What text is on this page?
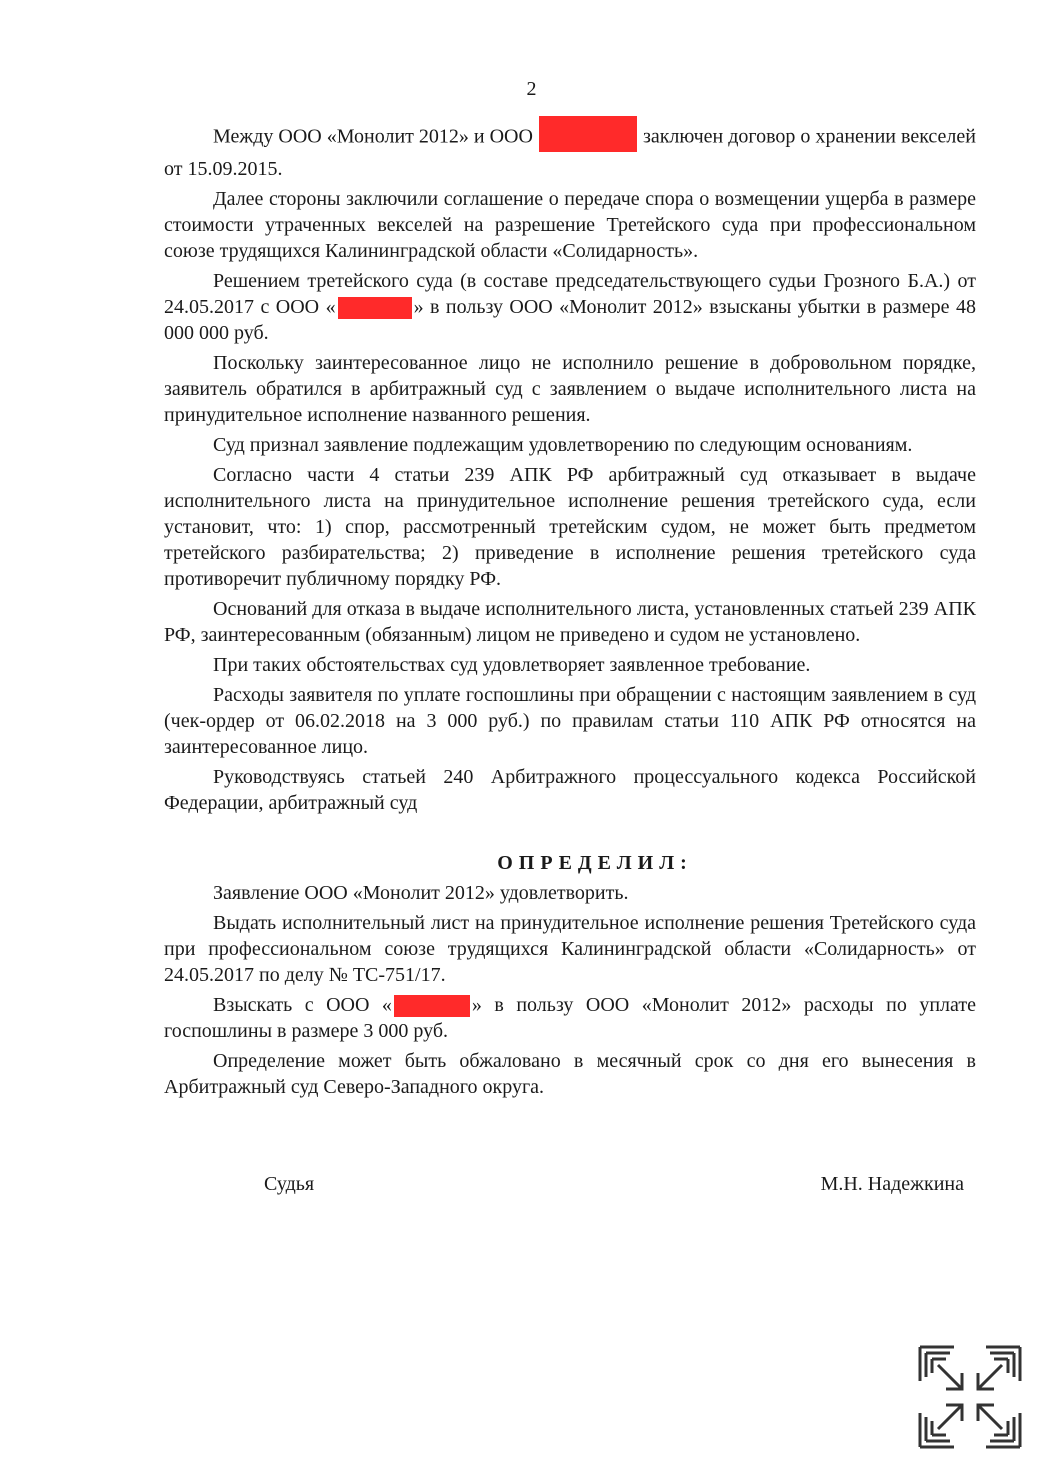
2

Между ООО «Монолит 2012» и ООО	заключен договор о хранении векселей от 15.09.2015.

Далее стороны заключили соглашение о передаче спора о возмещении ущерба в размере стоимости утраченных векселей на разрешение Третейского суда при профессиональном союзе трудящихся Калининградской области «Солидарность».

Решением третейского суда (в составе председательствующего судьи Грозного Б.А.) от 24.05.2017 с ООО «	» в пользу ООО «Монолит 2012» взысканы убытки в размере 48 000 000 руб.

Поскольку заинтересованное лицо не исполнило решение в добровольном порядке, заявитель обратился в арбитражный суд с заявлением о выдаче исполнительного листа на принудительное исполнение названного решения.

Суд признал заявление подлежащим удовлетворению по следующим основаниям.

Согласно части 4 статьи 239 АПК РФ арбитражный суд отказывает в выдаче исполнительного листа на принудительное исполнение решения третейского суда, если установит, что: 1) спор, рассмотренный третейским судом, не может быть предметом третейского разбирательства; 2) приведение в исполнение решения третейского суда противоречит публичному порядку РФ.

Оснований для отказа в выдаче исполнительного листа, установленных статьей 239 АПК РФ, заинтересованным (обязанным) лицом не приведено и судом не установлено.

При таких обстоятельствах суд удовлетворяет заявленное требование.

Расходы заявителя по уплате госпошлины при обращении с настоящим заявлением в суд (чек-ордер от 06.02.2018 на 3 000 руб.) по правилам статьи 110 АПК РФ относятся на заинтересованное лицо.

Руководствуясь статьей 240 Арбитражного процессуального кодекса Российской Федерации, арбитражный суд

ОПРЕДЕЛИЛ:

Заявление ООО «Монолит 2012» удовлетворить.

Выдать исполнительный лист на принудительное исполнение решения Третейского суда при профессиональном союзе трудящихся Калининградской области «Солидарность» от 24.05.2017 по делу № ТС-751/17.

Взыскать с ООО «	» в пользу ООО «Монолит 2012» расходы по уплате госпошлины в размере 3 000 руб.

Определение может быть обжаловано в месячный срок со дня его вынесения в Арбитражный суд Северо-Западного округа.

Судья	М.Н. Надежкина
